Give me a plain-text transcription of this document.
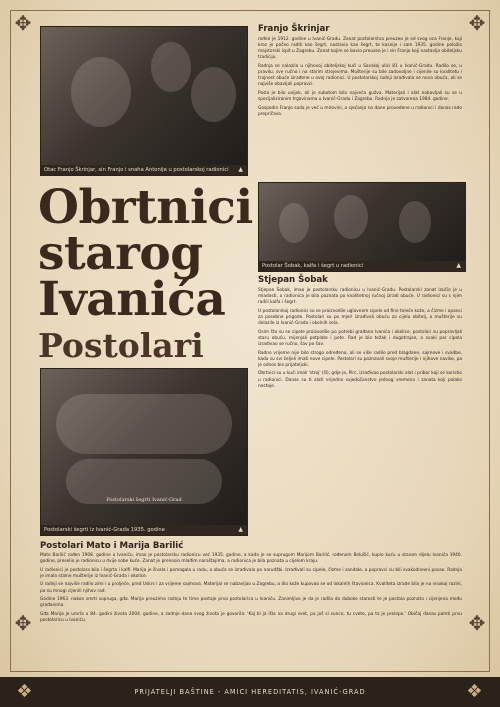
✥	✥
✥	✥
Otac Franjo Škrinjar, sin Franjo i snaha Antonija u postolarskoj radionici ▲
Franjo Škrinjar

rođen je 1912. godine u Ivanić-Gradu. Zanat postolarstva preuzeo je od svog oca Franje, koji kroz je počeo raditi kao šegrt, nastavio kao šegrt, te kasnije i sam 1935. godine položio majstorski ispit u Zagrebu. Zanat kojim se bavio preuzeo je i sin Franjo koji nastavlja obiteljsku tradiciju.

Radnja se nalazila u njihovoj obiteljskoj kući u Savskoj ulici 81 u Ivanić-Gradu. Radilo se, u pravilu, sve ručno i na starim strojevima. Mušterije su bile zadovoljne i cijenile su kvalitetu i trajnost obuće izrađene u ovoj radionici. U postolarskoj radnji izrađivala se nova obuća, ali se najviše obavljali popravci.

Posla je bilo uvijek, ali je subotom bila najveća gužva. Materijali i alat nabavljali su se u specijaliziranim trgovinama u Ivanić-Gradu i Zagrebu. Radnja je zatvorena 1984. godine.

Gospodin Franjo sada je već u mirovini, a sjećanja na dane provedene u radionici i danas rado prepričava.

Obrtnici
starog
Ivanića
Postolari
Postolar Šobak, kalfa i šegrt u radionici	▲
Stjepan Šobak

Stjepan Šobak, imao je postolarsku radionicu u Ivanić-Gradu. Postolarski zanat izučio je u mladosti, a radionica je bila poznata po kvalitetnoj ručnoj izradi obuće. U radionici su s njim radili kalfa i šegrt.

U postolarskoj radionici su se proizvodile uglavnom cipele od fine teleće kože, a čizme i opanci za posebne prigode. Postolari su po mjeri izrađivali obuću za cijelu obitelj, a mušterije su dolazile iz Ivanić-Grada i okolnih sela.

Osim što su se cipele proizvodile po potrebi građana Ivanića i okolice, postolari su popravljali staru obuću, mijenjali potplate i pete. Rad je bio težak i dugotrajan, a svaki par cipela izrađivao se ručno, šav po šav.

Radno vrijeme nije bilo strogo određeno, ali se više radilo pred blagdane, sajmove i svadbe, kada su svi željeli imati nove cipele. Postolari su poznavali svoje mušterije i njihove navike, pa je odnos bio prijateljski.

Obrtnici su u kući imali 'stroj' (šl), gdje je, Pirc, izrađivao postolarski alat i pribor koji se koristio u radionici. Danas su ti alati vrijedno svjedočanstvo jednog vremena i zanata koji polako nestaje.

Postolarski šegrti Ivanić-Grad
Postolarski šegrti iz Ivanić-Grada 1935. godine	▲
Postolari Mato i Marija Barilić

Mato Barilić rođen 1908. godine u Ivaniću, imao je postolarsku radionicu već 1935. godine, a kada je se suprugom Marijom Barilić, rođenom Belušić, kupio kuću u starom dijelu Ivanića 1940. godine, preselio je radionicu u dvije sobe kuće. Zanat je prenosio mlađim naraštajima, a radionica je bila poznata u cijelom kraju.

U radionici je postolara bilo i šegrta i kalfi. Marija je šivala i pomagala u radu, a obuća se izrađivala po narudžbi. Izrađivali su cipele, čizme i sandale, a popravci su bili svakodnevni posao. Radnja je imala stalne mušterije iz Ivanić-Grada i okolice.

U radnji se najviše radilo zimi i u proljeće, pred Uskrs i za vrijeme sajmova. Materijal se nabavljao u Zagrebu, a dio kože kupovao se od lokalnih štavionica. Kvaliteta izrade bila je na visokoj razini, pa su mnogi cijenili njihov rad.

Godine 1963. nakon smrti supruga, gđa. Marija preuzima radnju te time postaje prva postolarica u Ivaniću. Zanimljivo je da je radila do duboke starosti te je postala poznata i cijenjena među građanima.

Gđa Marija je umrla u 84. godini života 2004. godine, a zadnje dane svog života je govorila: 'Kaj bi ja išla na drugi svet, pa još si sunce, tu cvete, pa to je prelepo.' Običaj danas pamti prvu postolaricu u Ivaniću.

❖	PRIJATELJI BAŠTINE - AMICI HEREDITATIS, IVANIĆ-GRAD	❖
